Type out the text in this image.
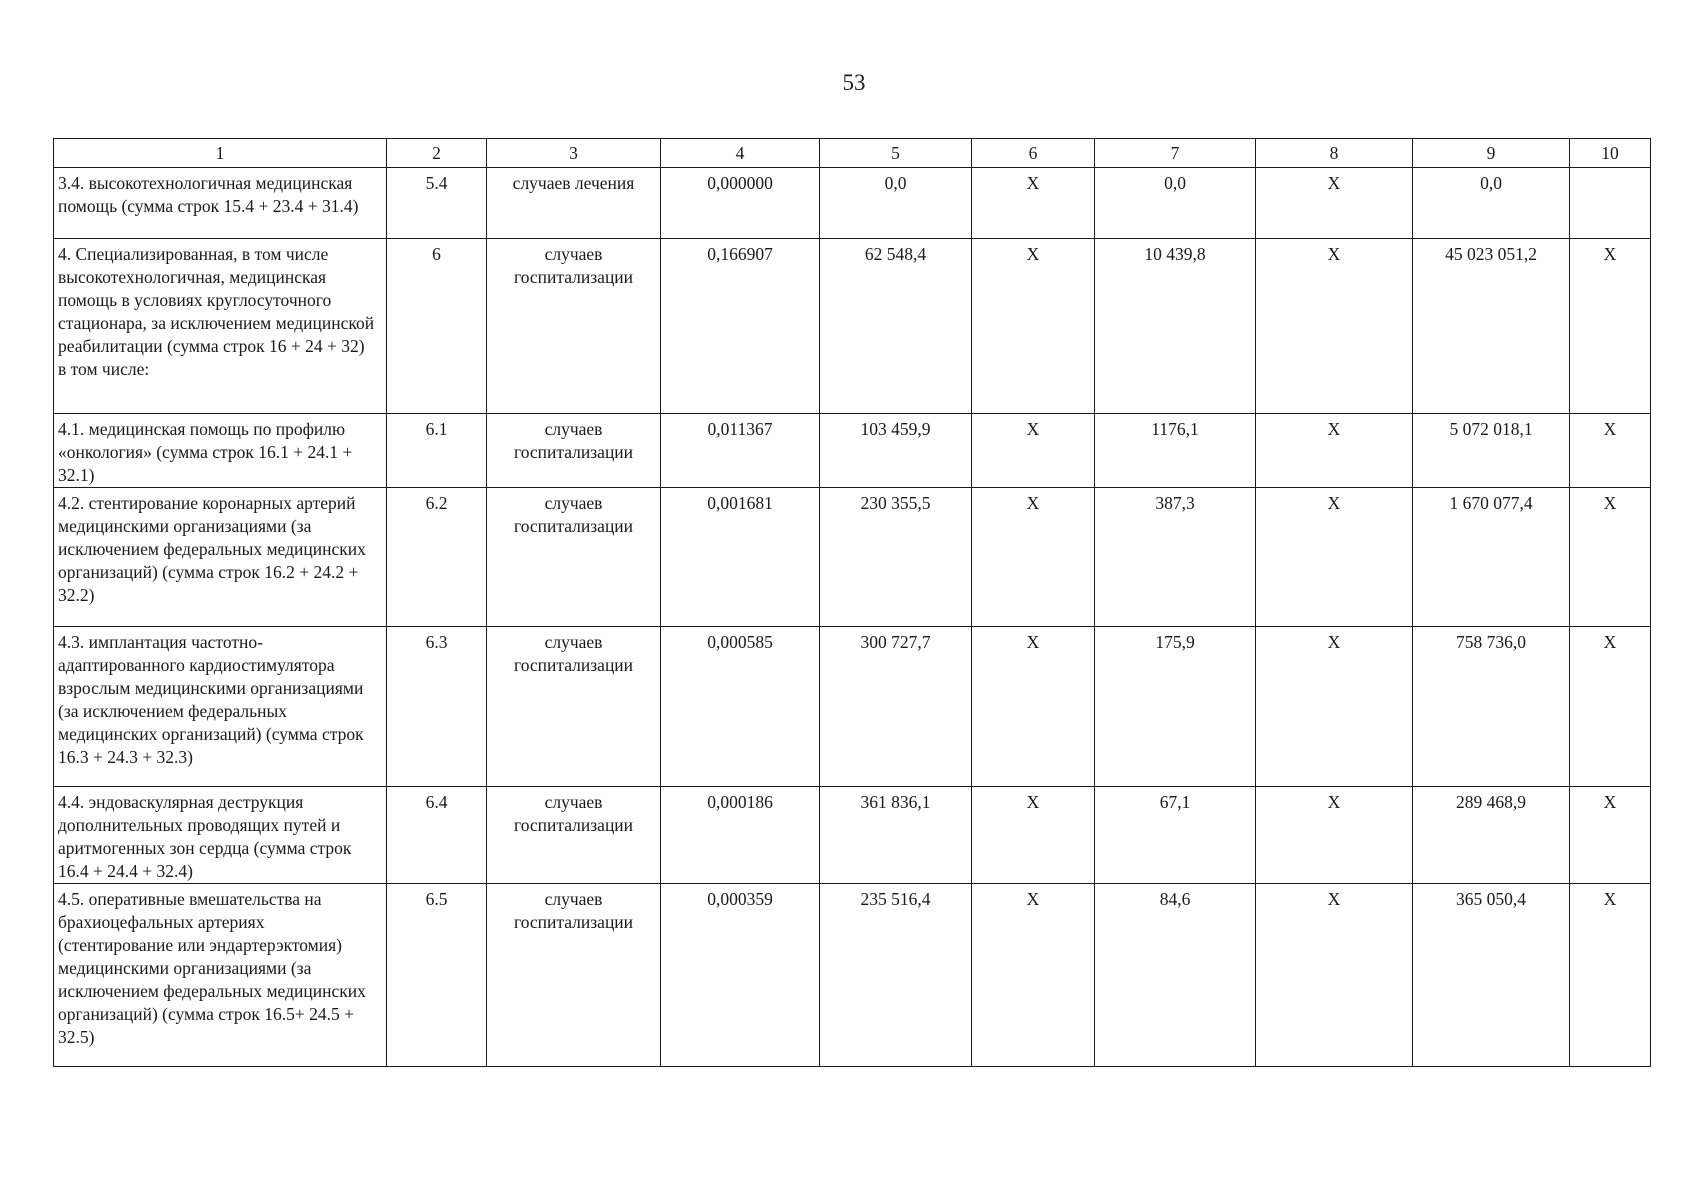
53
1	2	3	4	5	6	7	8	9	10
3.4. высокотехнологичная медицинская помощь (сумма строк 15.4 + 23.4 + 31.4)	5.4	случаев лечения	0,000000	0,0	X	0,0	X	0,0	

4. Специализированная, в том числе высокотехнологичная, медицинская помощь в условиях круглосуточного стационара, за исключением медицинской реабилитации (сумма строк 16 + 24 + 32)
в том числе:	6	случаев госпитализации	0,166907	62 548,4	X	10 439,8	X	45 023 051,2	X
4.1. медицинская помощь по профилю «онкология» (сумма строк 16.1 + 24.1 + 32.1)	6.1	случаев госпитализации	0,011367	103 459,9	X	1176,1	X	5 072 018,1	X
4.2. стентирование коронарных артерий медицинскими организациями (за исключением федеральных медицинских организаций) (сумма строк 16.2 + 24.2 + 32.2)	6.2	случаев госпитализации	0,001681	230 355,5	X	387,3	X	1 670 077,4	X
4.3. имплантация частотно-адаптированного кардиостимулятора взрослым медицинскими организациями (за исключением федеральных медицинских организаций) (сумма строк 16.3 + 24.3 + 32.3)	6.3	случаев госпитализации	0,000585	300 727,7	X	175,9	X	758 736,0	X
4.4. эндоваскулярная деструкция дополнительных проводящих путей и аритмогенных зон сердца (сумма строк 16.4 + 24.4 + 32.4)	6.4	случаев госпитализации	0,000186	361 836,1	X	67,1	X	289 468,9	X
4.5. оперативные вмешательства на брахиоцефальных артериях (стентирование или эндартерэктомия) медицинскими организациями (за исключением федеральных медицинских организаций) (сумма строк 16.5+ 24.5 + 32.5)	6.5	случаев госпитализации	0,000359	235 516,4	X	84,6	X	365 050,4	X
